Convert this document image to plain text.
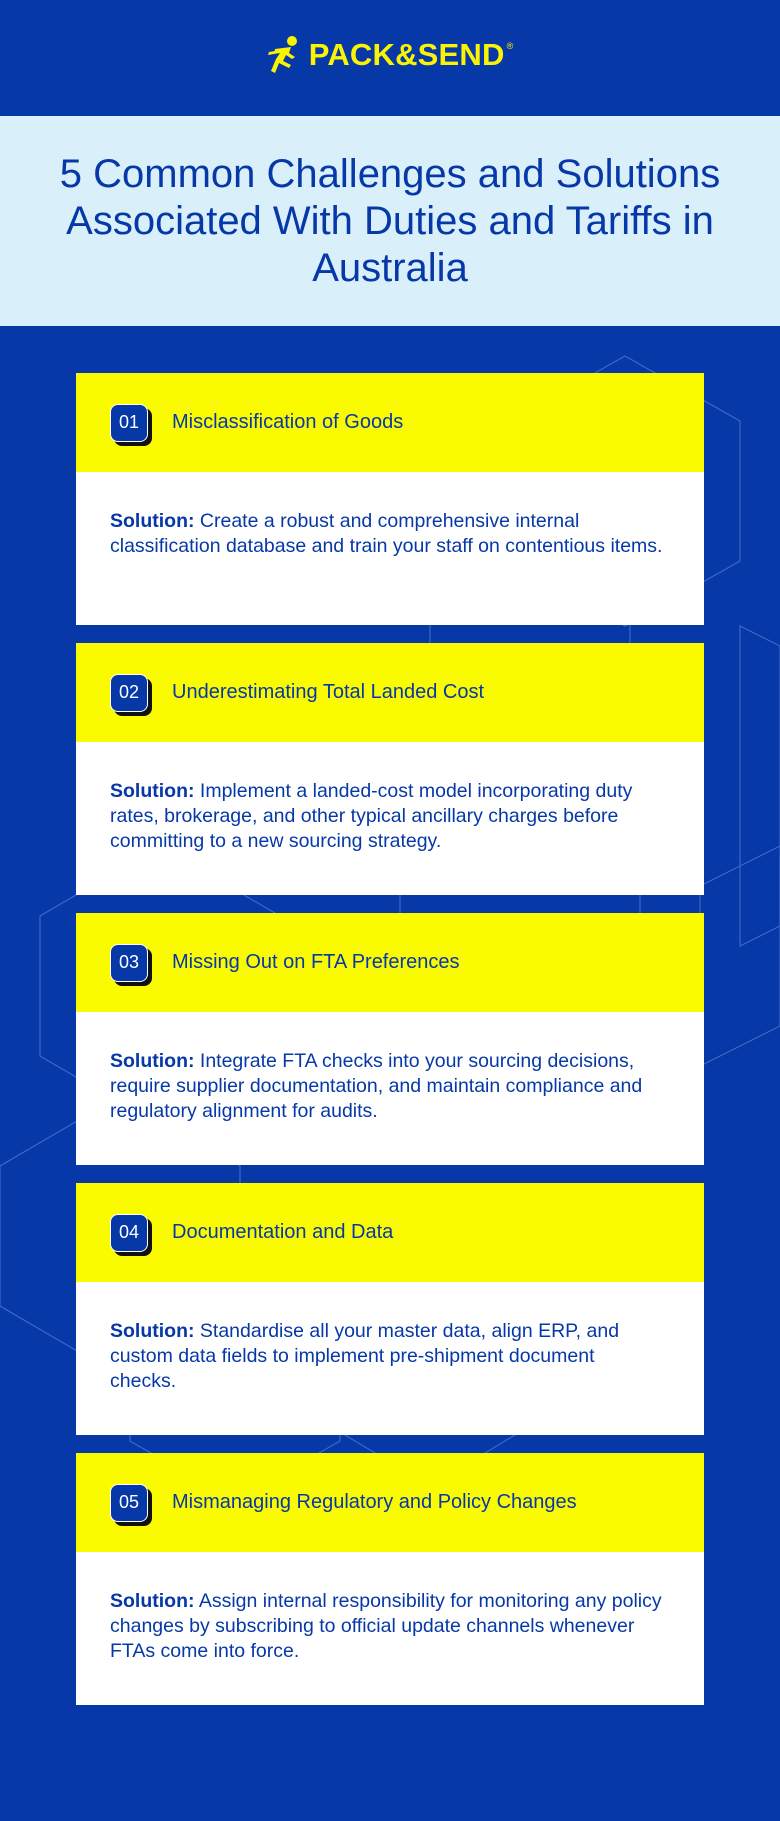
PACK&SEND ®
5 Common Challenges and Solutions Associated With Duties and Tariffs in Australia
01	Misclassification of Goods
Solution: Create a robust and comprehensive internal classification database and train your staff on contentious items.
02	Underestimating Total Landed Cost
Solution: Implement a landed-cost model incorporating duty rates, brokerage, and other typical ancillary charges before committing to a new sourcing strategy.
03	Missing Out on FTA Preferences
Solution: Integrate FTA checks into your sourcing decisions, require supplier documentation, and maintain compliance and regulatory alignment for audits.
04	Documentation and Data
Solution: Standardise all your master data, align ERP, and custom data fields to implement pre-shipment document checks.
05	Mismanaging Regulatory and Policy Changes
Solution: Assign internal responsibility for monitoring any policy changes by subscribing to official update channels whenever FTAs come into force.
